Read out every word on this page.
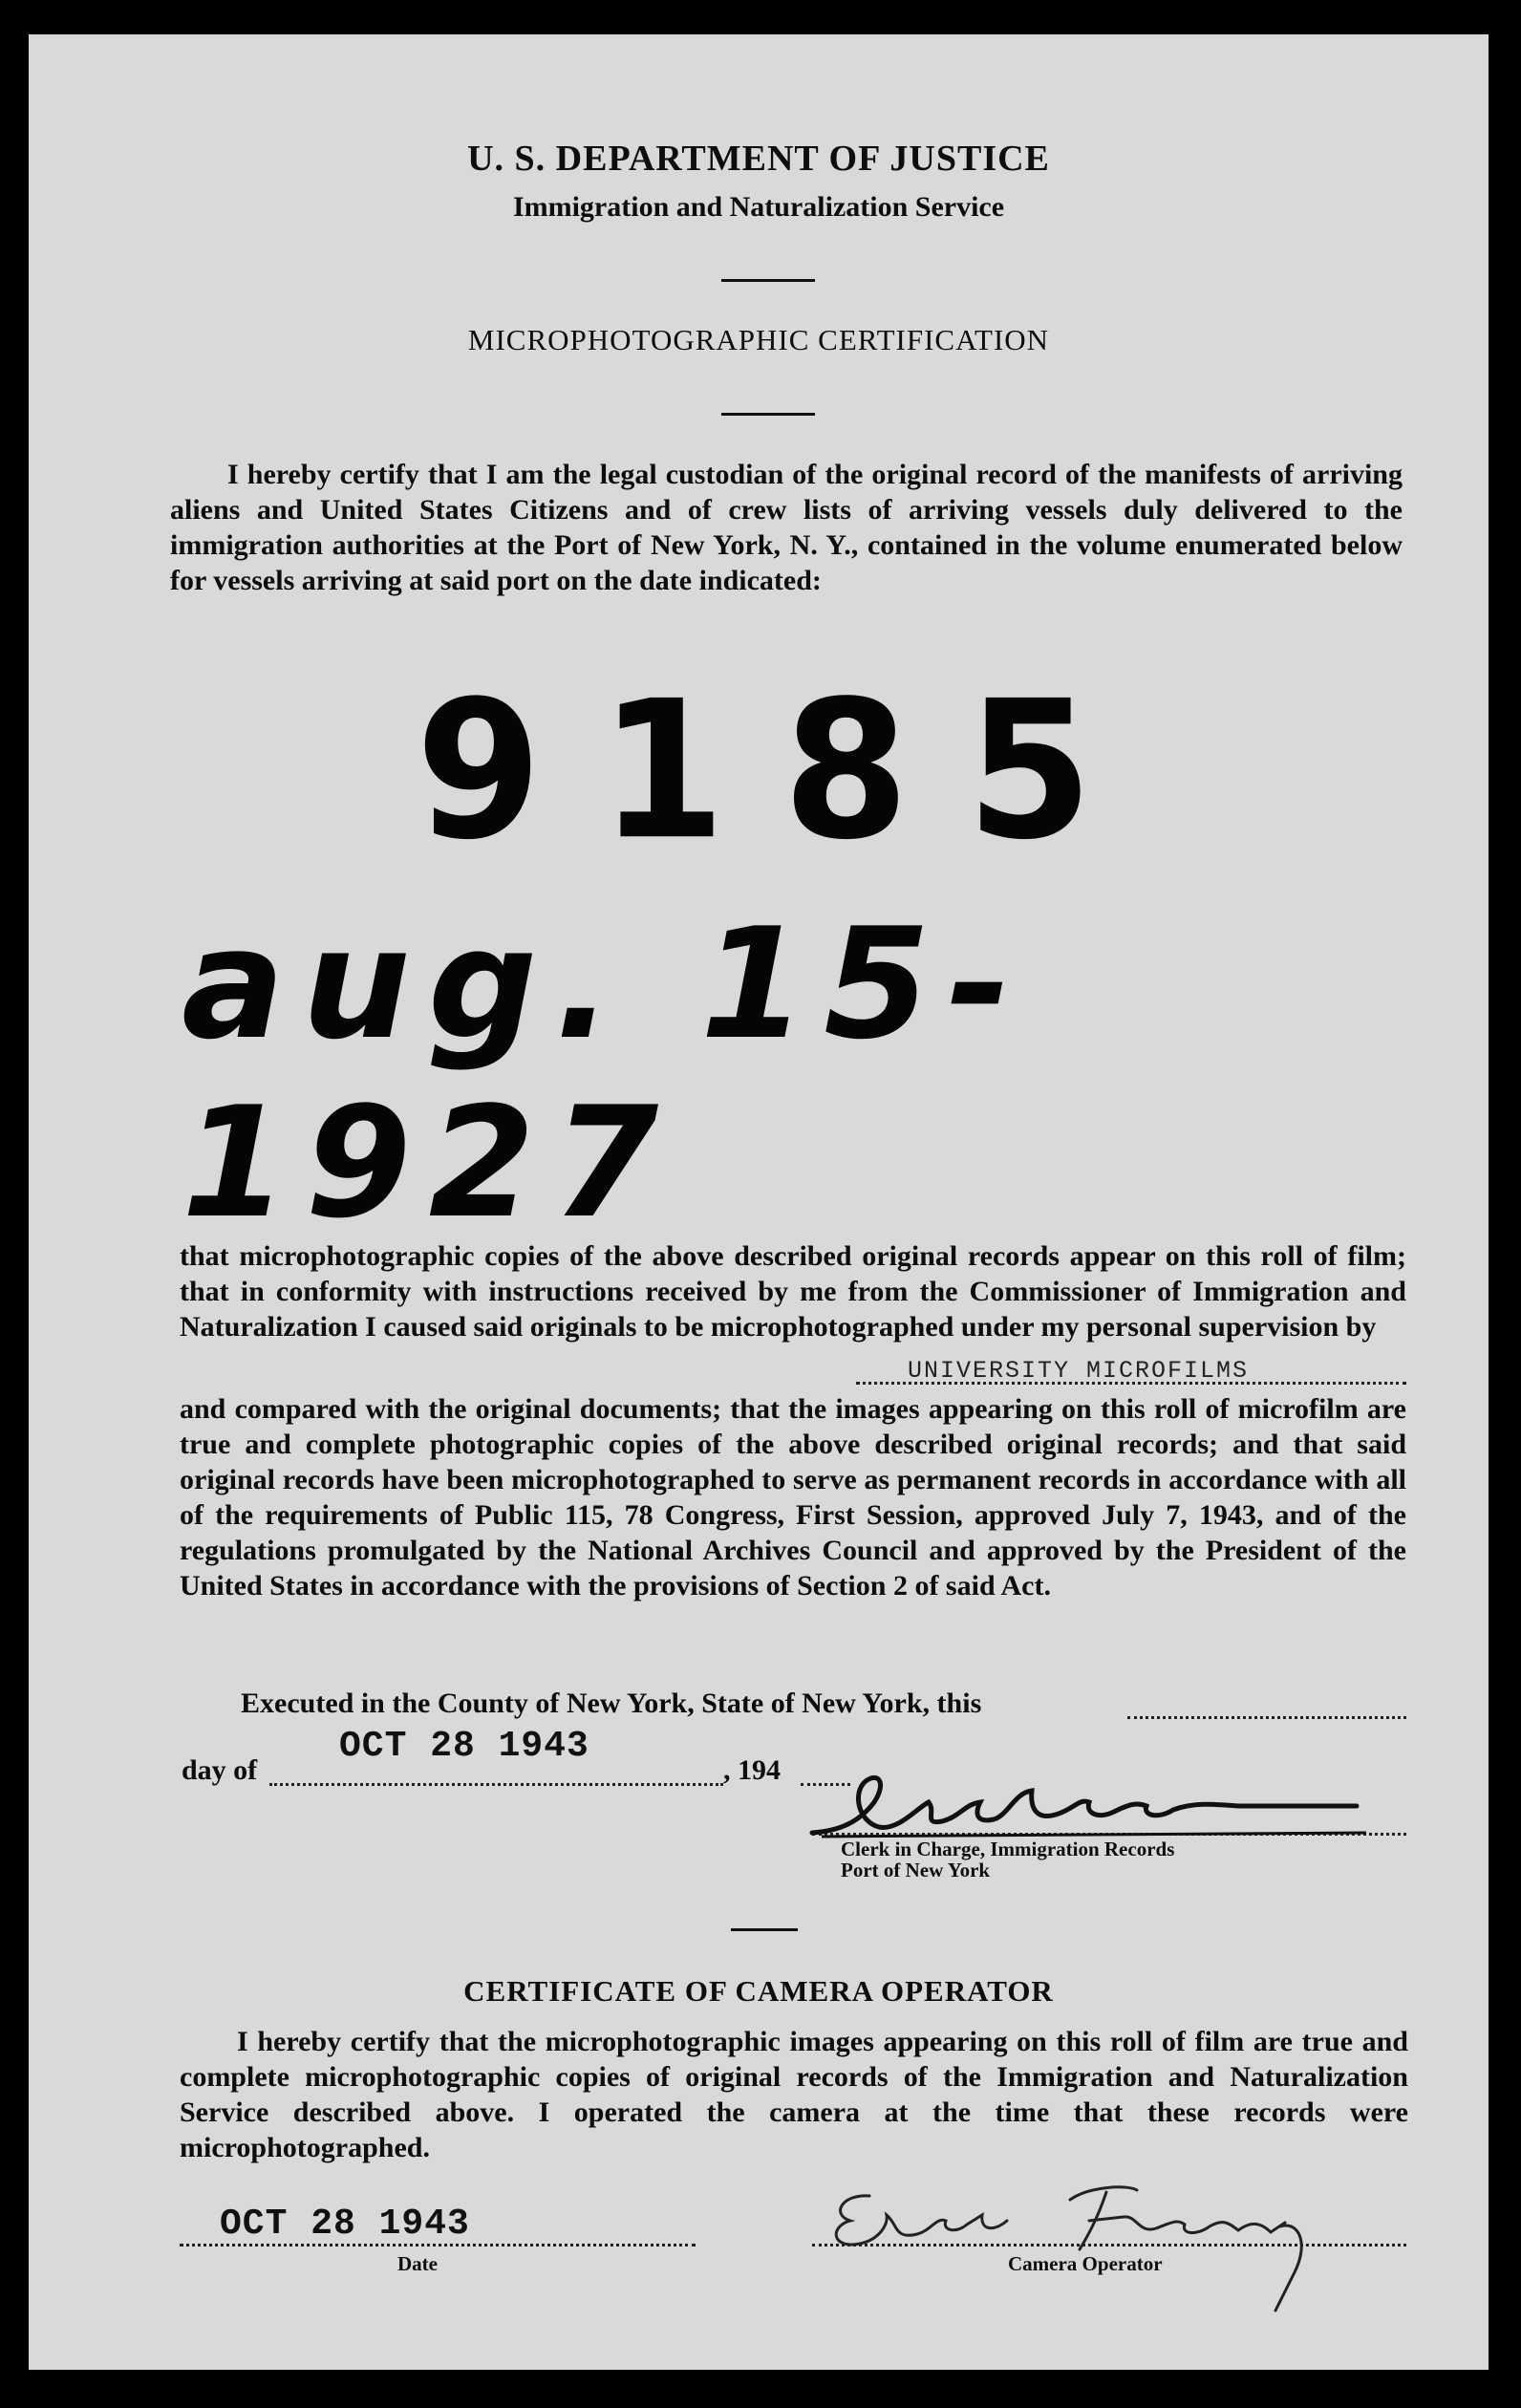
U. S. DEPARTMENT OF JUSTICE
Immigration and Naturalization Service
MICROPHOTOGRAPHIC CERTIFICATION

I hereby certify that I am the legal custodian of the original record of the manifests of arriving aliens and United States Citizens and of crew lists of arriving vessels duly delivered to the immigration authorities at the Port of New York, N. Y., contained in the volume enumerated below for vessels arriving at said port on the date indicated:

9185
aug. 15-1927

that microphotographic copies of the above described original records appear on this roll of film; that in conformity with instructions received by me from the Commissioner of Immigration and Naturalization I caused said originals to be microphotographed under my personal supervision by

UNIVERSITY MICROFILMS

and compared with the original documents; that the images appearing on this roll of microfilm are true and complete photographic copies of the above described original records; and that said original records have been microphotographed to serve as permanent records in accordance with all of the requirements of Public 115, 78 Congress, First Session, approved July 7, 1943, and of the regulations promulgated by the National Archives Council and approved by the President of the United States in accordance with the provisions of Section 2 of said Act.

Executed in the County of New York, State of New York, this
day of
OCT 28 1943
, 194
Clerk in Charge, Immigration Records
Port of New York
CERTIFICATE OF CAMERA OPERATOR

I hereby certify that the microphotographic images appearing on this roll of film are true and complete microphotographic copies of original records of the Immigration and Naturalization Service described above. I operated the camera at the time that these records were microphotographed.

OCT 28 1943
Date	Camera Operator
